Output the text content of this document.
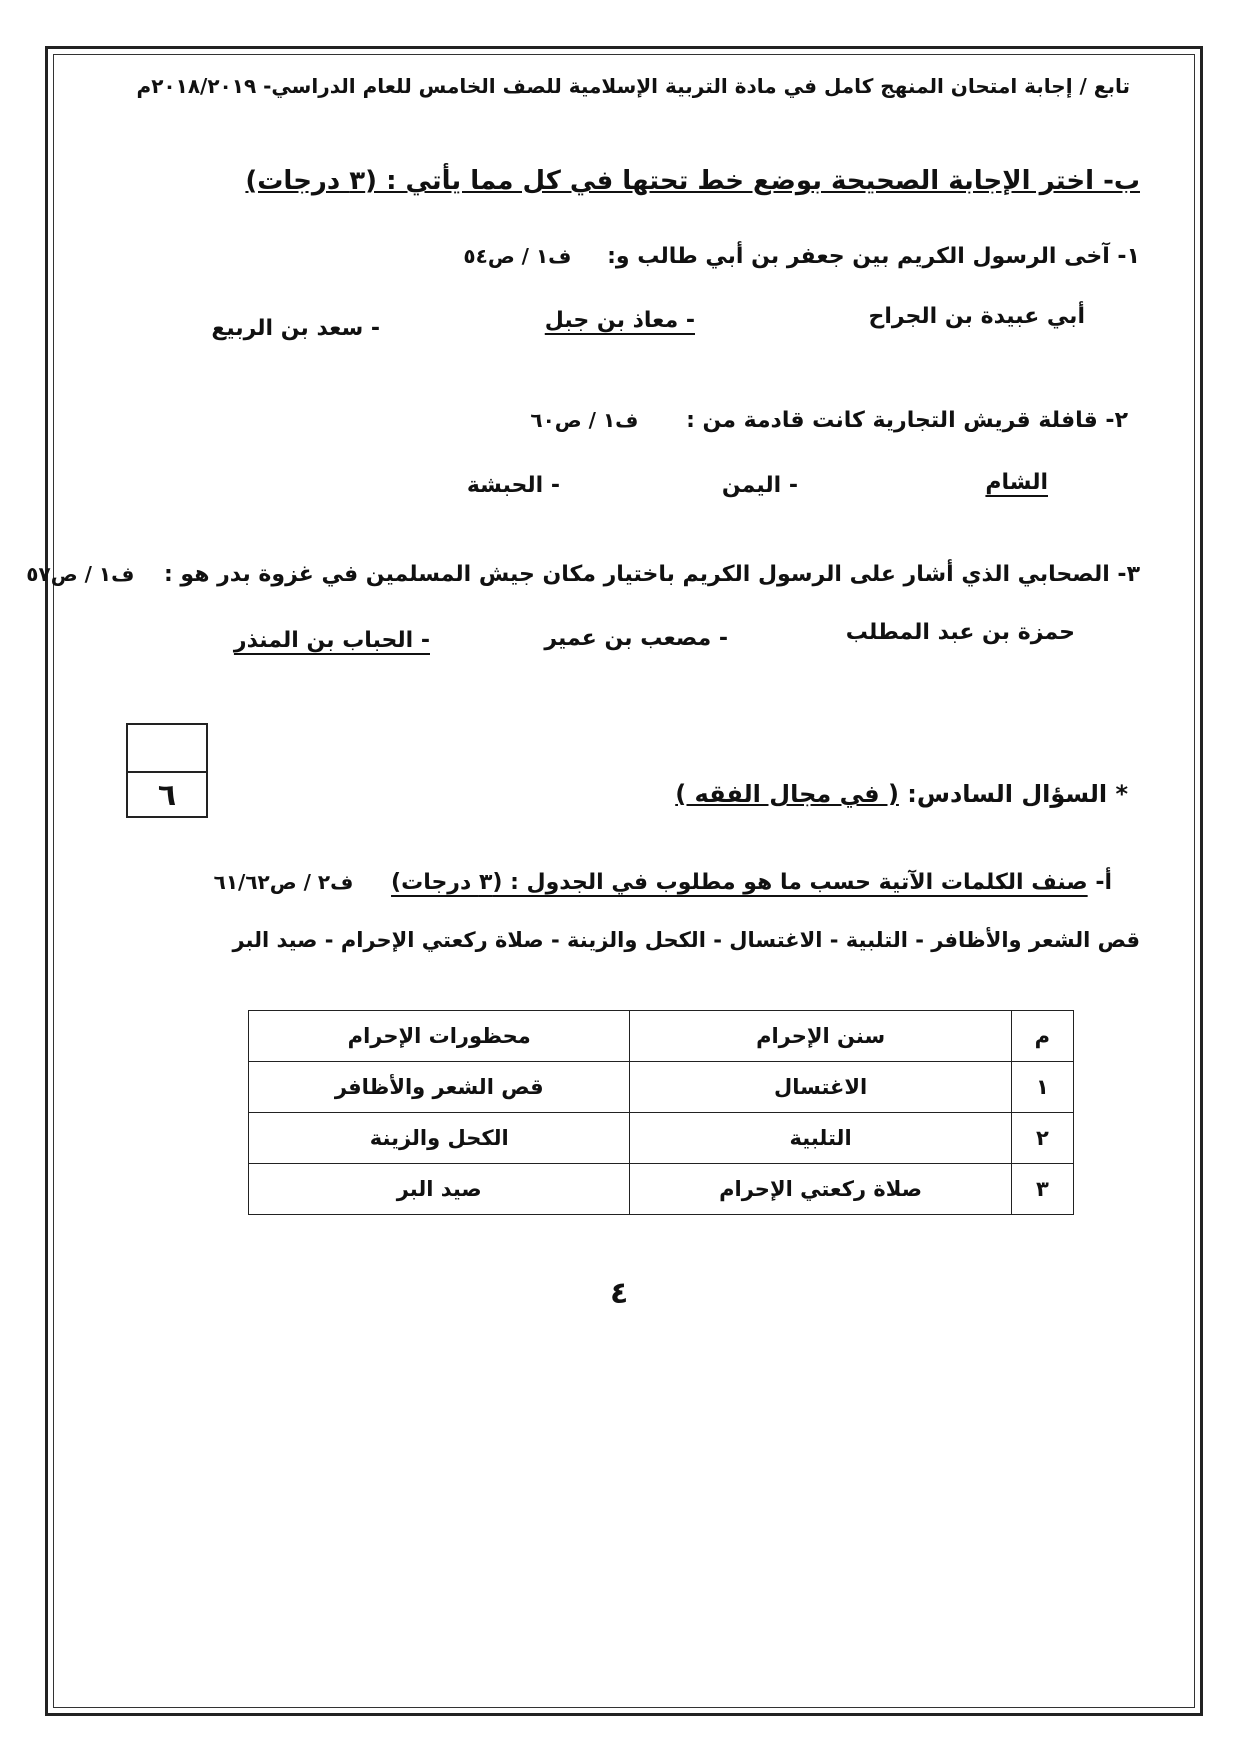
تابع / إجابة امتحان المنهج كامل في مادة التربية الإسلامية للصف الخامس للعام الدراسي- ٢٠١٨/٢٠١٩م
ب- اختر الإجابة الصحيحة بوضع خط تحتها في كل مما يأتي : (٣ درجات)
١- آخى الرسول الكريم بين جعفر بن أبي طالب و: ف١ / ص٥٤
أبي عبيدة بن الجراح
- معاذ بن جبل
- سعد بن الربيع
٢- قافلة قريش التجارية كانت قادمة من : ف١ / ص٦٠
الشام
- اليمن
- الحبشة
٣- الصحابي الذي أشار على الرسول الكريم باختيار مكان جيش المسلمين في غزوة بدر هو : ف١ / ص٥٧
حمزة بن عبد المطلب
- مصعب بن عمير
- الحباب بن المنذر
٦	* السؤال السادس: ( في مجال الفقه )
أ- صنف الكلمات الآتية حسب ما هو مطلوب في الجدول : (٣ درجات) ف٢ / ص٦١/٦٢
قص الشعر والأظافر - التلبية - الاغتسال - الكحل والزينة - صلاة ركعتي الإحرام - صيد البر
م	سنن الإحرام	محظورات الإحرام
١	الاغتسال	قص الشعر والأظافر
٢	التلبية	الكحل والزينة
٣	صلاة ركعتي الإحرام	صيد البر
٤
